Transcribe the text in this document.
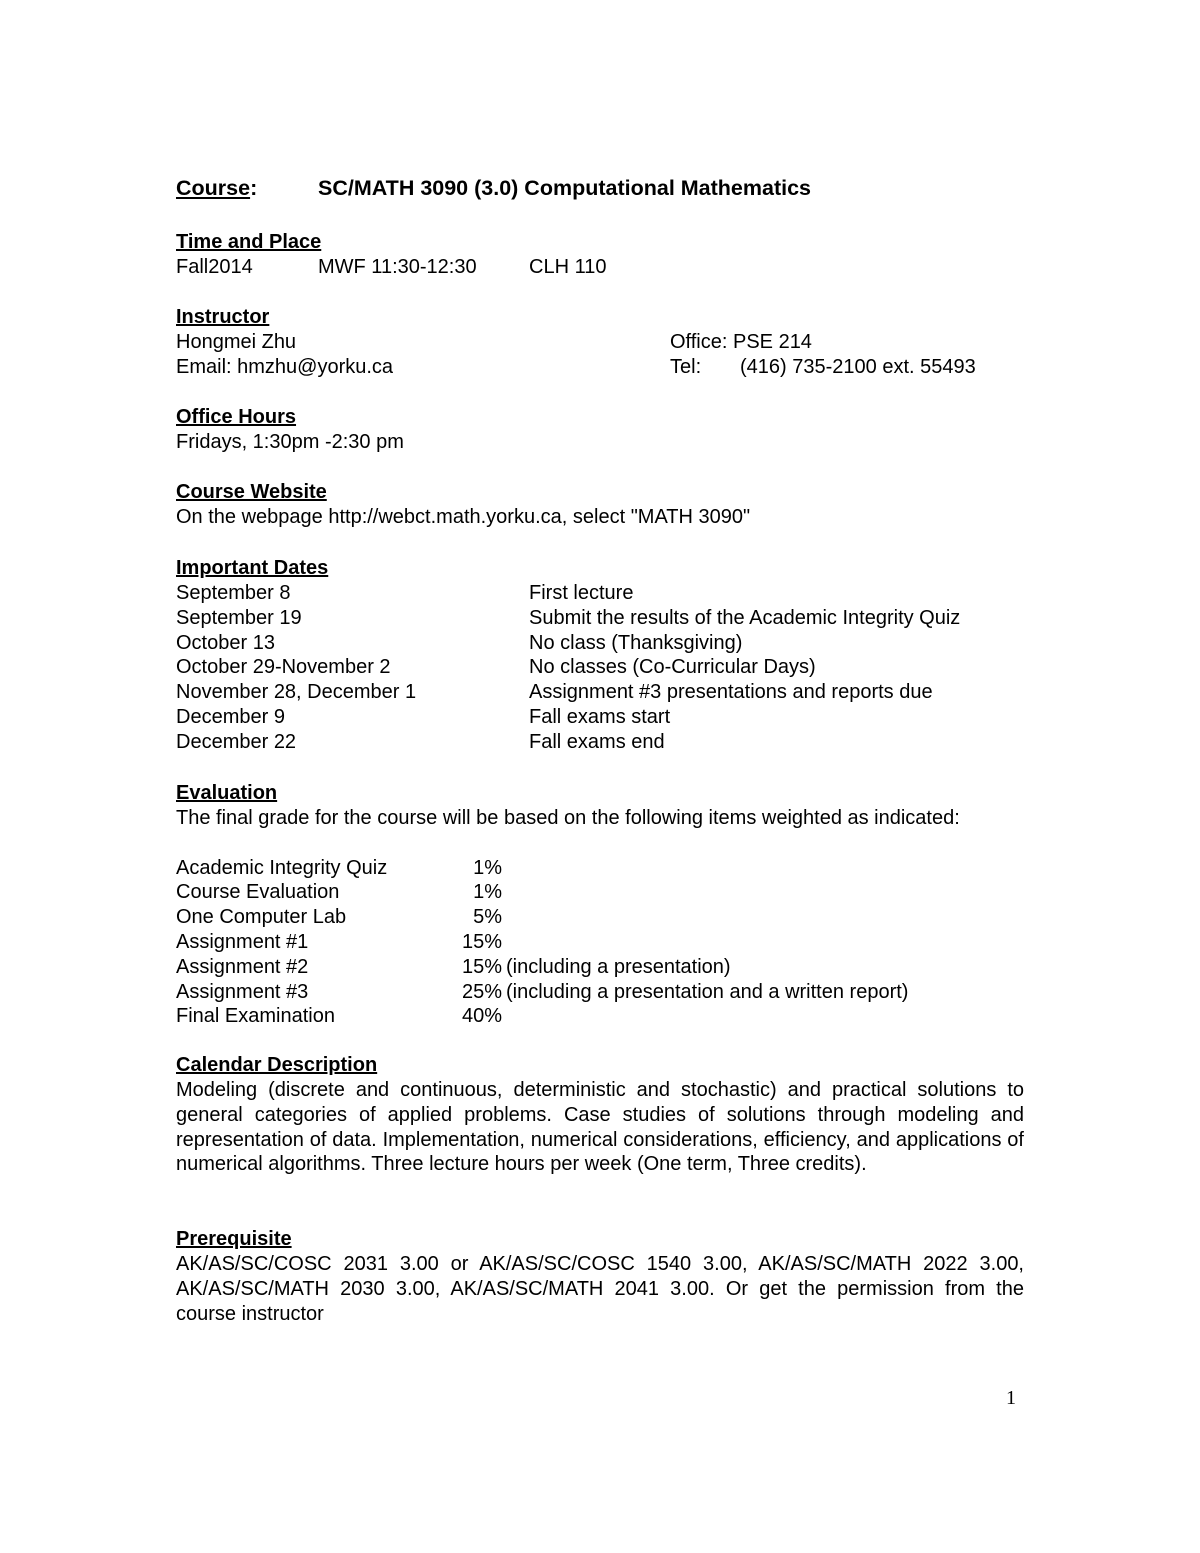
Course:	SC/MATH 3090 (3.0) Computational Mathematics
Time and Place
Fall2014	MWF 11:30-12:30	CLH 110
Instructor
Hongmei Zhu	Office: PSE 214
Email: hmzhu@yorku.ca	Tel: (416) 735-2100 ext. 55493
Office Hours
Fridays, 1:30pm -2:30 pm
Course Website
On the webpage http://webct.math.yorku.ca, select "MATH 3090"
Important Dates
September 8	First lecture
September 19	Submit the results of the Academic Integrity Quiz
October 13	No class (Thanksgiving)
October 29-November 2	No classes (Co-Curricular Days)
November 28, December 1	Assignment #3 presentations and reports due
December 9	Fall exams start
December 22	Fall exams end
Evaluation
The final grade for the course will be based on the following items weighted as indicated:
Academic Integrity Quiz	1%
Course Evaluation	1%
One Computer Lab	5%
Assignment #1	15%
Assignment #2	15% (including a presentation)
Assignment #3	25% (including a presentation and a written report)
Final Examination	40%
Calendar Description
Modeling (discrete and continuous, deterministic and stochastic) and practical solutions to general categories of applied problems. Case studies of solutions through modeling and representation of data. Implementation, numerical considerations, efficiency, and applications of numerical algorithms. Three lecture hours per week (One term, Three credits).
Prerequisite
AK/AS/SC/COSC 2031 3.00 or AK/AS/SC/COSC 1540 3.00, AK/AS/SC/MATH 2022 3.00, AK/AS/SC/MATH 2030 3.00, AK/AS/SC/MATH 2041 3.00. Or get the permission from the course instructor
1
